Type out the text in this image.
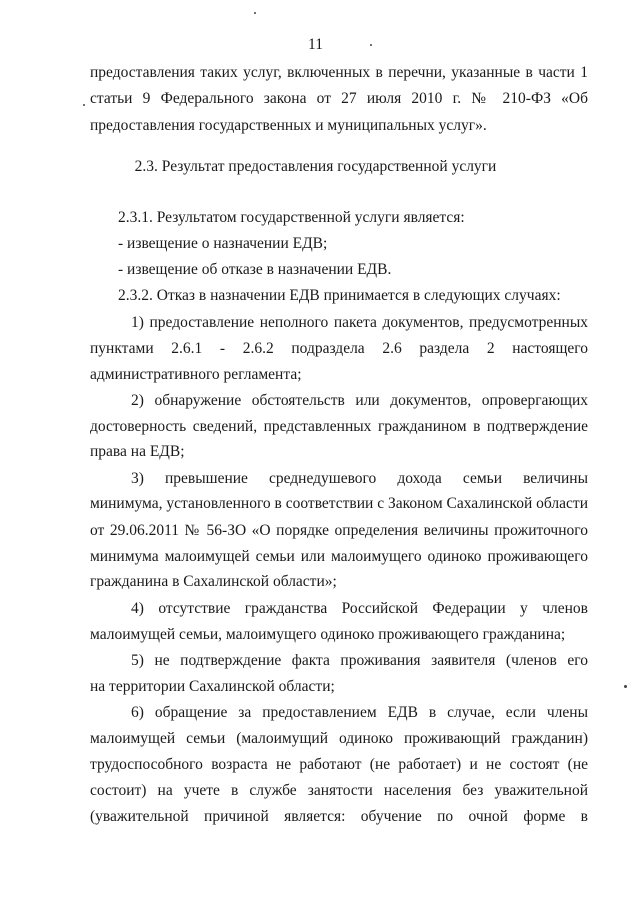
11
предоставления таких услуг, включенных в перечни, указанные в части 1
статьи 9 Федерального закона от 27 июля 2010 г. № 210-ФЗ «Об
предоставления государственных и муниципальных услуг».
2.3. Результат предоставления государственной услуги
2.3.1. Результатом государственной услуги является:
- извещение о назначении ЕДВ;
- извещение об отказе в назначении ЕДВ.
2.3.2. Отказ в назначении ЕДВ принимается в следующих случаях:
1) предоставление неполного пакета документов, предусмотренных
пунктами 2.6.1 - 2.6.2 подраздела 2.6 раздела 2 настоящего
административного регламента;
2) обнаружение обстоятельств или документов, опровергающих
достоверность сведений, представленных гражданином в подтверждение
права на ЕДВ;
3) превышение среднедушевого дохода семьи величины
минимума, установленного в соответствии с Законом Сахалинской области
от 29.06.2011 № 56-ЗО «О порядке определения величины прожиточного
минимума малоимущей семьи или малоимущего одиноко проживающего
гражданина в Сахалинской области»;
4) отсутствие гражданства Российской Федерации у членов
малоимущей семьи, малоимущего одиноко проживающего гражданина;
5) не подтверждение факта проживания заявителя (членов его
на территории Сахалинской области;
6) обращение за предоставлением ЕДВ в случае, если члены
малоимущей семьи (малоимущий одиноко проживающий гражданин)
трудоспособного возраста не работают (не работает) и не состоят (не
состоит) на учете в службе занятости населения без уважительной
(уважительной причиной является: обучение по очной форме в
